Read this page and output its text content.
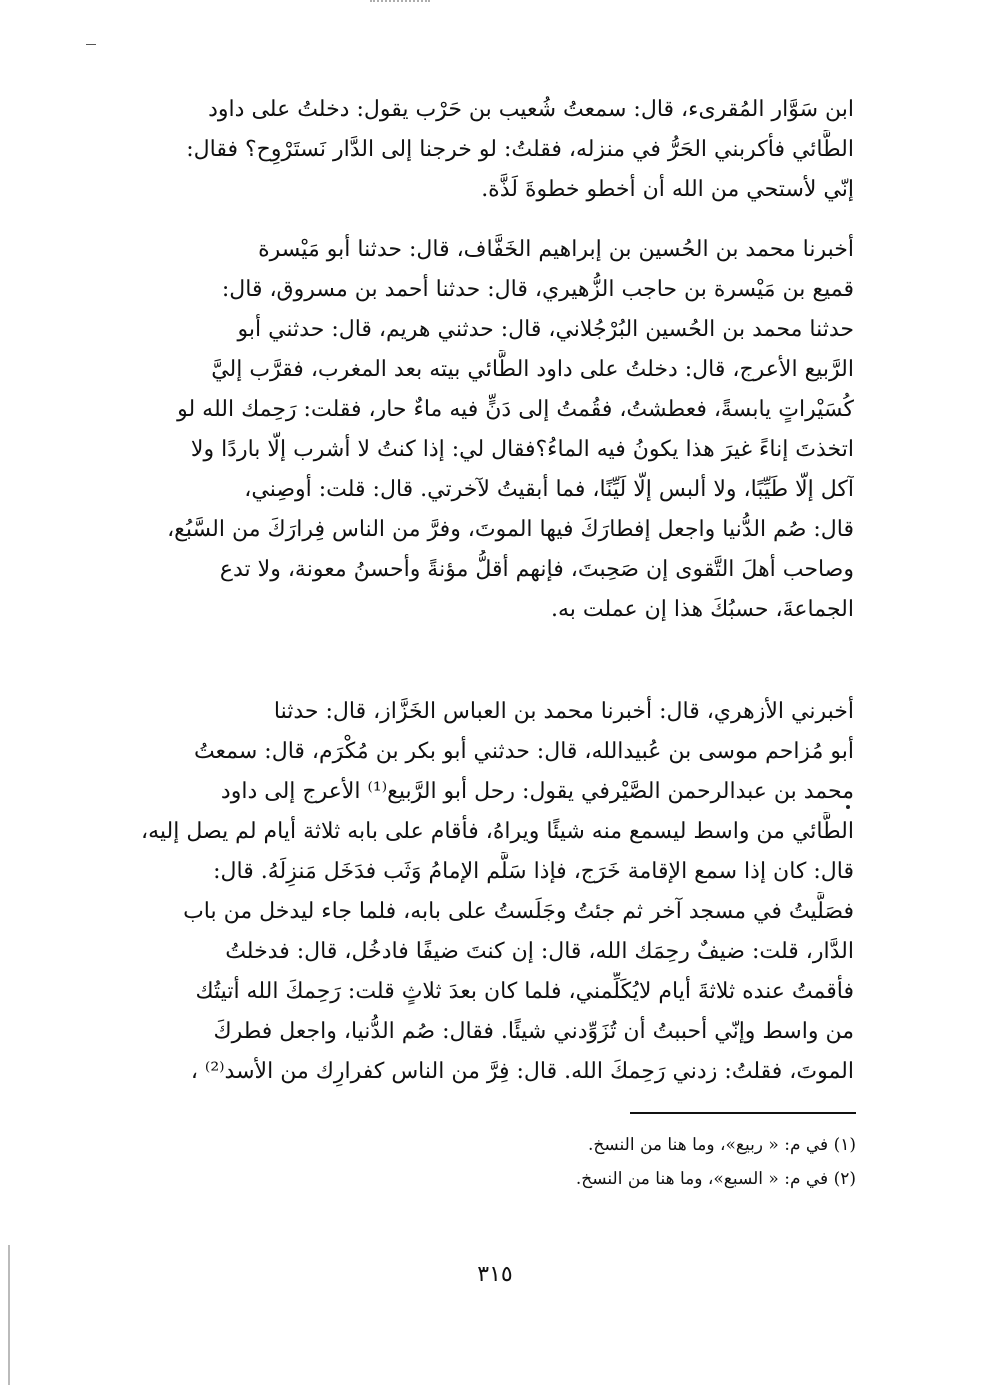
ابن سَوَّار المُقرىء، قال: سمعتُ شُعيب بن حَرْب يقول: دخلتُ على داود
الطَّائي فأكربني الحَرُّ في منزله، فقلتُ: لو خرجنا إلى الدَّار نَستَرْوِح؟ فقال:
إنّي لأستحي من الله أن أخطو خطوةَ لَذَّة.
أخبرنا محمد بن الحُسين بن إبراهيم الخَفَّاف، قال: حدثنا أبو مَيْسرة
قميع بن مَيْسرة بن حاجب الزُّهيري، قال: حدثنا أحمد بن مسروق، قال:
حدثنا محمد بن الحُسين البُرْجُلاني، قال: حدثني هريم، قال: حدثني أبو
الرَّبيع الأعرج، قال: دخلتُ على داود الطَّائي بيته بعد المغرب، فقرَّب إليَّ
كُسَيْراتٍ يابسةً، فعطشتُ، فقُمتُ إلى دَنٍّ فيه ماءٌ حار، فقلت: رَحِمك الله لو
اتخذتَ إناءً غيرَ هذا يكونُ فيه الماءُ؟فقال لي: إذا كنتُ لا أشرب إلّا باردًا ولا
آكل إلّا طَيِّبًا، ولا ألبس إلّا لَيِّنًا، فما أبقيتُ لآخرتي. قال: قلت: أوصِني،
قال: صُم الدُّنيا واجعل إفطارَكَ فيها الموتَ، وفرَّ من الناس فِرارَكَ من السَّبُع،
وصاحب أهلَ التَّقوى إن صَحِبتَ، فإنهم أقلُّ مؤنةً وأحسنُ معونة، ولا تدع
الجماعةَ، حسبُكَ هذا إن عملت به.
أخبرني الأزهري، قال: أخبرنا محمد بن العباس الخَزَّاز، قال: حدثنا
أبو مُزاحم موسى بن عُبيدالله، قال: حدثني أبو بكر بن مُكْرَم، قال: سمعتُ
محمد بن عبدالرحمن الصَّيْرفي يقول: رحل أبو الرَّبيع⁽¹⁾ الأعرج إلى داود
الطَّائي من واسط ليسمع منه شيئًا ويراهُ، فأقام على بابه ثلاثة أيام لم يصل إليه،
قال: كان إذا سمع الإقامة خَرَج، فإذا سَلَّم الإمامُ وَثَب فدَخَل مَنزِلَهُ. قال:
فصَلَّيتُ في مسجد آخر ثم جئتُ وجَلَستُ على بابه، فلما جاء ليدخل من باب
الدَّار، قلت: ضيفٌ رحِمَك الله، قال: إن كنتَ ضيفًا فادخُل، قال: فدخلتُ
فأقمتُ عنده ثلاثةَ أيام لايُكَلِّمني، فلما كان بعدَ ثلاثٍ قلت: رَحِمكَ الله أتيتُك
من واسط وإنّي أحببتُ أن تُزَوِّدني شيئًا. فقال: صُم الدُّنيا، واجعل فطركَ
الموتَ، فقلتُ: زدني رَحِمكَ الله. قال: فِرَّ من الناس كفرارِك من الأسد⁽²⁾ ،
(١) في م: « ربيع»، وما هنا من النسخ.
(٢) في م: « السبع»، وما هنا من النسخ.
٣١٥
